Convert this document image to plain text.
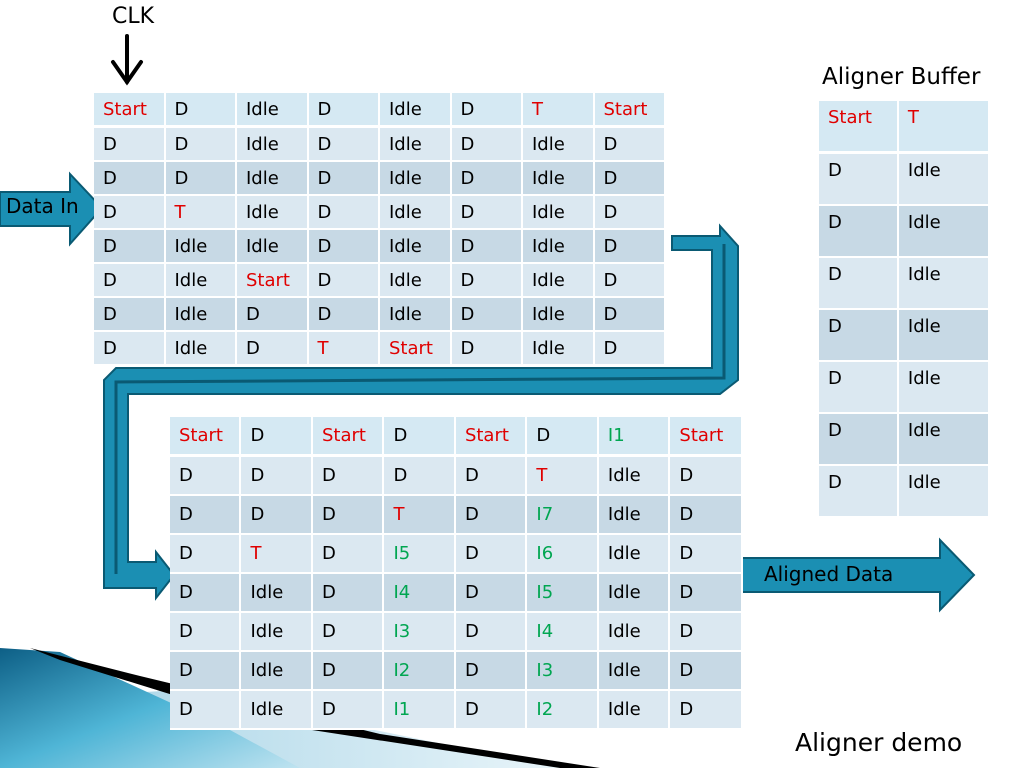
CLK
Aligner Buffer
Data In
Aligned Data
Aligner demo
Start	D	Idle	D	Idle	D	T	Start
D	D	Idle	D	Idle	D	Idle	D
D	D	Idle	D	Idle	D	Idle	D
D	T	Idle	D	Idle	D	Idle	D
D	Idle	Idle	D	Idle	D	Idle	D
D	Idle	Start	D	Idle	D	Idle	D
D	Idle	D	D	Idle	D	Idle	D
D	Idle	D	T	Start	D	Idle	D
Start	T
D	Idle
D	Idle
D	Idle
D	Idle
D	Idle
D	Idle
D	Idle
Start	D	Start	D	Start	D	I1	Start
D	D	D	D	D	T	Idle	D
D	D	D	T	D	I7	Idle	D
D	T	D	I5	D	I6	Idle	D
D	Idle	D	I4	D	I5	Idle	D
D	Idle	D	I3	D	I4	Idle	D
D	Idle	D	I2	D	I3	Idle	D
D	Idle	D	I1	D	I2	Idle	D
